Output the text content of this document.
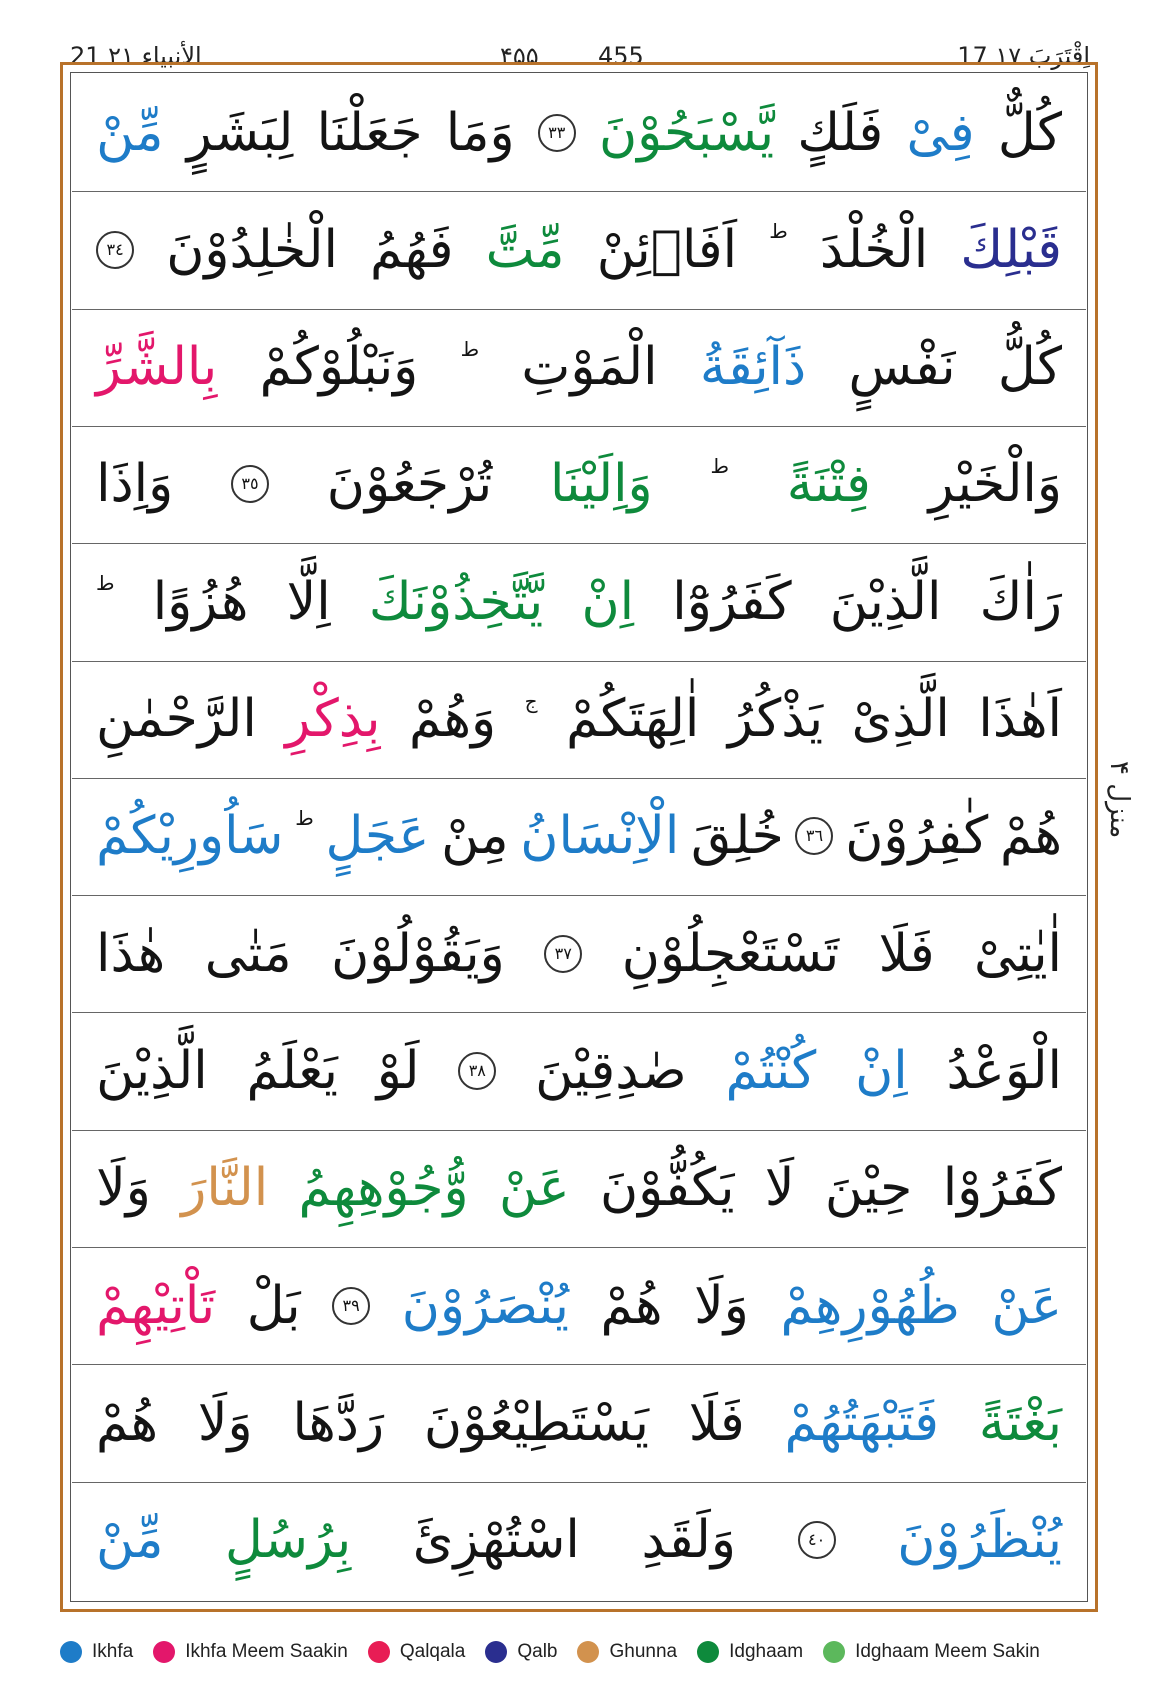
17 اِقْتَرَبَ ١٧
455
۴۵۵
21 الأنبياء ٢١
كُلٌّ
فِىْ
فَلَكٍ
يَّسْبَحُوْنَ
٣٣
وَمَا
جَعَلْنَا
لِبَشَرٍ
مِّنْ
قَبْلِكَ
الْخُلْدَ
ط
اَفَاۡئِنْ
مِّتَّ
فَهُمُ
الْخٰلِدُوْنَ
٣٤
كُلُّ
نَفْسٍ
ذَآئِقَةُ
الْمَوْتِ
ط
وَنَبْلُوْكُمْ
بِالشَّرِّ
وَالْخَيْرِ
فِتْنَةً
ط
وَاِلَيْنَا
تُرْجَعُوْنَ
٣٥
وَاِذَا
رَاٰكَ
الَّذِيْنَ
كَفَرُوْٓا
اِنْ
يَّتَّخِذُوْنَكَ
اِلَّا
هُزُوًا
ط
اَهٰذَا
الَّذِىْ
يَذْكُرُ
اٰلِهَتَكُمْ
ج
وَهُمْ
بِذِكْرِ
الرَّحْمٰنِ
هُمْ
كٰفِرُوْنَ
٣٦
خُلِقَ
الْاِنْسَانُ
مِنْ
عَجَلٍ
ط
سَاُورِيْكُمْ
اٰيٰتِىْ
فَلَا
تَسْتَعْجِلُوْنِ
٣٧
وَيَقُوْلُوْنَ
مَتٰى
هٰذَا
الْوَعْدُ
اِنْ
كُنْتُمْ
صٰدِقِيْنَ
٣٨
لَوْ
يَعْلَمُ
الَّذِيْنَ
كَفَرُوْا
حِيْنَ
لَا
يَكُفُّوْنَ
عَنْ
وُّجُوْهِهِمُ
النَّارَ
وَلَا
عَنْ
ظُهُوْرِهِمْ
وَلَا
هُمْ
يُنْصَرُوْنَ
٣٩
بَلْ
تَاْتِيْهِمْ
بَغْتَةً
فَتَبْهَتُهُمْ
فَلَا
يَسْتَطِيْعُوْنَ
رَدَّهَا
وَلَا
هُمْ
يُنْظَرُوْنَ
٤٠
وَلَقَدِ
اسْتُهْزِئَ
بِرُسُلٍ
مِّنْ
منزل ۴
Ikhfa	Ikhfa Meem Saakin	Qalqala	Qalb	Ghunna	Idghaam	Idghaam Meem Sakin
